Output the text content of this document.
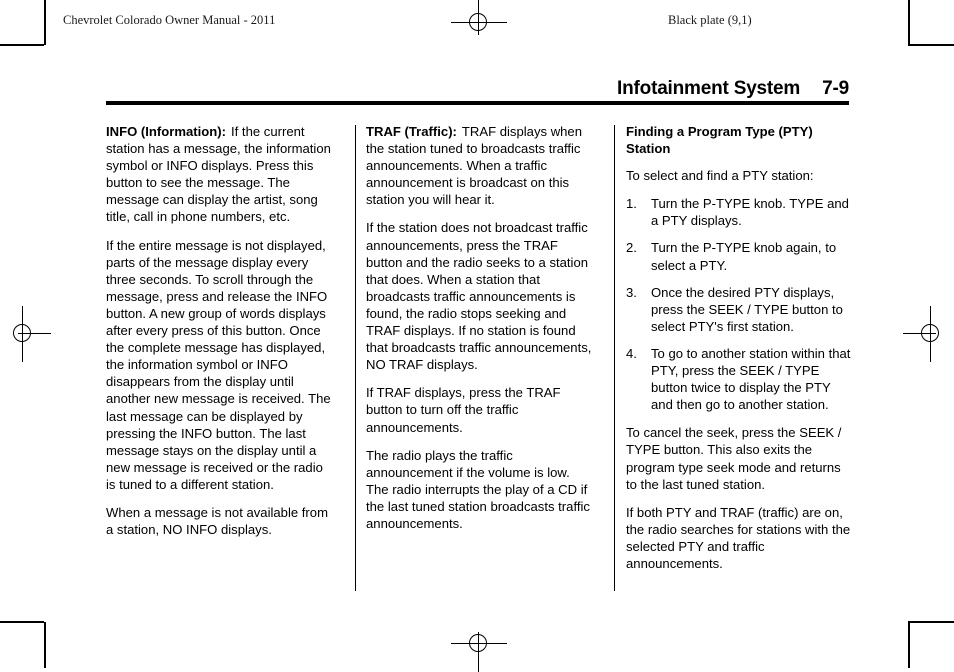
Chevrolet Colorado Owner Manual - 2011	Black plate (9,1)
Infotainment System 7-9

INFO (Information): If the current station has a message, the information symbol or INFO displays. Press this button to see the message. The message can display the artist, song title, call in phone numbers, etc.

If the entire message is not displayed, parts of the message display every three seconds. To scroll through the message, press and release the INFO button. A new group of words displays after every press of this button. Once the complete message has displayed, the information symbol or INFO disappears from the display until another new message is received. The last message can be displayed by pressing the INFO button. The last message stays on the display until a new message is received or the radio is tuned to a different station.

When a message is not available from a station, NO INFO displays.

TRAF (Traffic): TRAF displays when the station tuned to broadcasts traffic announcements. When a traffic announcement is broadcast on this station you will hear it.

If the station does not broadcast traffic announcements, press the TRAF button and the radio seeks to a station that does. When a station that broadcasts traffic announcements is found, the radio stops seeking and TRAF displays. If no station is found that broadcasts traffic announcements, NO TRAF displays.

If TRAF displays, press the TRAF button to turn off the traffic announcements.

The radio plays the traffic announcement if the volume is low. The radio interrupts the play of a CD if the last tuned station broadcasts traffic announcements.

Finding a Program Type (PTY) Station

To select and find a PTY station:

1.	Turn the P-TYPE knob. TYPE and a PTY displays.
2.	Turn the P-TYPE knob again, to select a PTY.
3.	Once the desired PTY displays, press the SEEK / TYPE button to select PTY's first station.
4.	To go to another station within that PTY, press the SEEK / TYPE button twice to display the PTY and then go to another station.

To cancel the seek, press the SEEK / TYPE button. This also exits the program type seek mode and returns to the last tuned station.

If both PTY and TRAF (traffic) are on, the radio searches for stations with the selected PTY and traffic announcements.
